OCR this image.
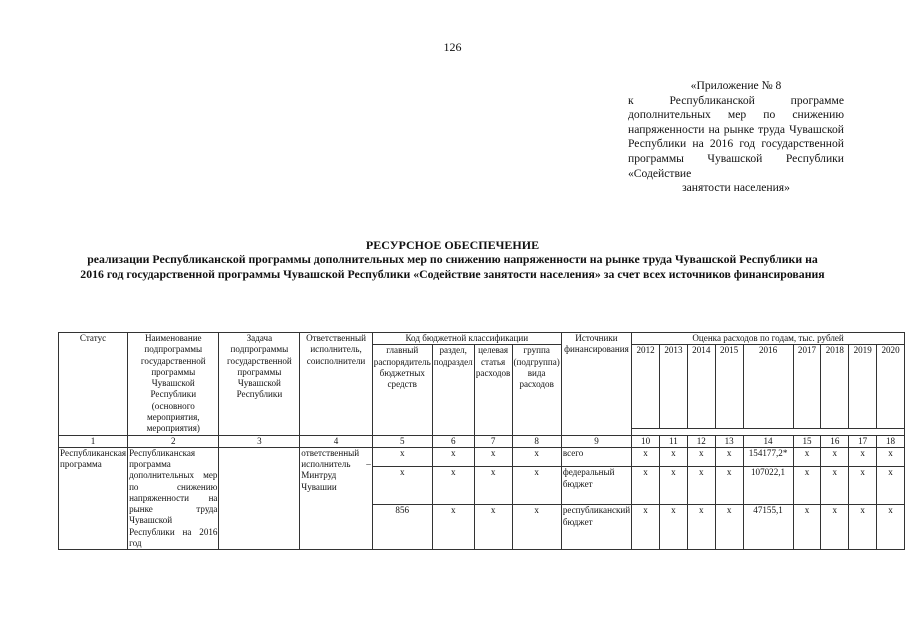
126
«Приложение № 8
к Республиканской программе дополнительных мер по снижению напряженности на рынке труда Чувашской Республики на 2016 год государственной программы Чувашской Республики «Содействие
занятости населения»
РЕСУРСНОЕ ОБЕСПЕЧЕНИЕ
реализации Республиканской программы дополнительных мер по снижению напряженности на рынке труда Чувашской Республики на 2016 год государственной программы Чувашской Республики «Содействие занятости населения» за счет всех источников финансирования
Статус	Наименование подпрограммы государственной программы Чувашской Республики (основного мероприятия, мероприятия)	Задача подпрограммы государственной программы Чувашской Республики	Ответственный исполнитель, соисполнители	Код бюджетной классификации				Источники финансирования	Оценка расходов по годам, тыс. рублей								
				главный распорядитель бюджетных средств	раздел, подраздел	целевая статья расходов	группа (подгруппа) вида расходов		2012	2013	2014	2015	2016	2017	2018	2019	2020

1	2	3	4	5	6	7	8	9	10	11	12	13	14	15	16	17	18
Республиканская программа	Республиканская программа дополнительных мер по снижению напряженности на рынке труда Чувашской Республики на 2016 год		ответственный исполнитель – Минтруд Чувашии	х	х	х	х	всего	х	х	х	х	154177,2*	х	х	х	х
				х	х	х	х	федеральный бюджет	х	х	х	х	107022,1	х	х	х	х
				856	х	х	х	республиканский бюджет	х	х	х	х	47155,1	х	х	х	х
